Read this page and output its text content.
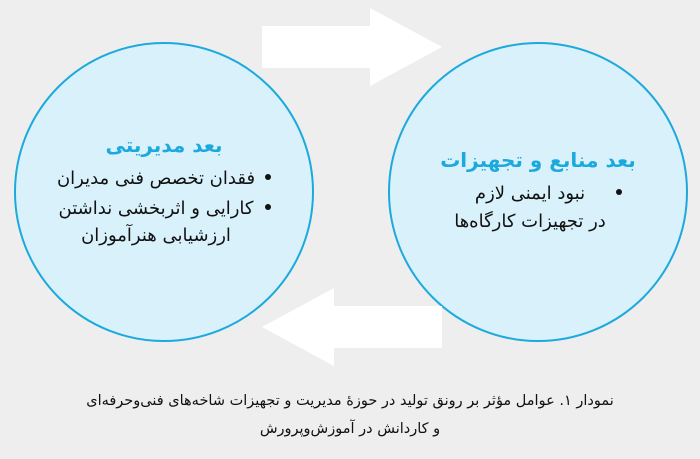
بعد مدیریتی
فقدان تخصص فنی مدیران
کارایی و اثربخشی نداشتن
ارزشیابی هنرآموزان
بعد منابع و تجهیزات
نبود ایمنی لازم
در تجهیزات کارگاه‌ها
نمودار ۱. عوامل مؤثر بر رونق تولید در حوزهٔ مدیریت و تجهیزات شاخه‌های فنی‌وحرفه‌ای
و کاردانش در آموزش‌وپرورش
